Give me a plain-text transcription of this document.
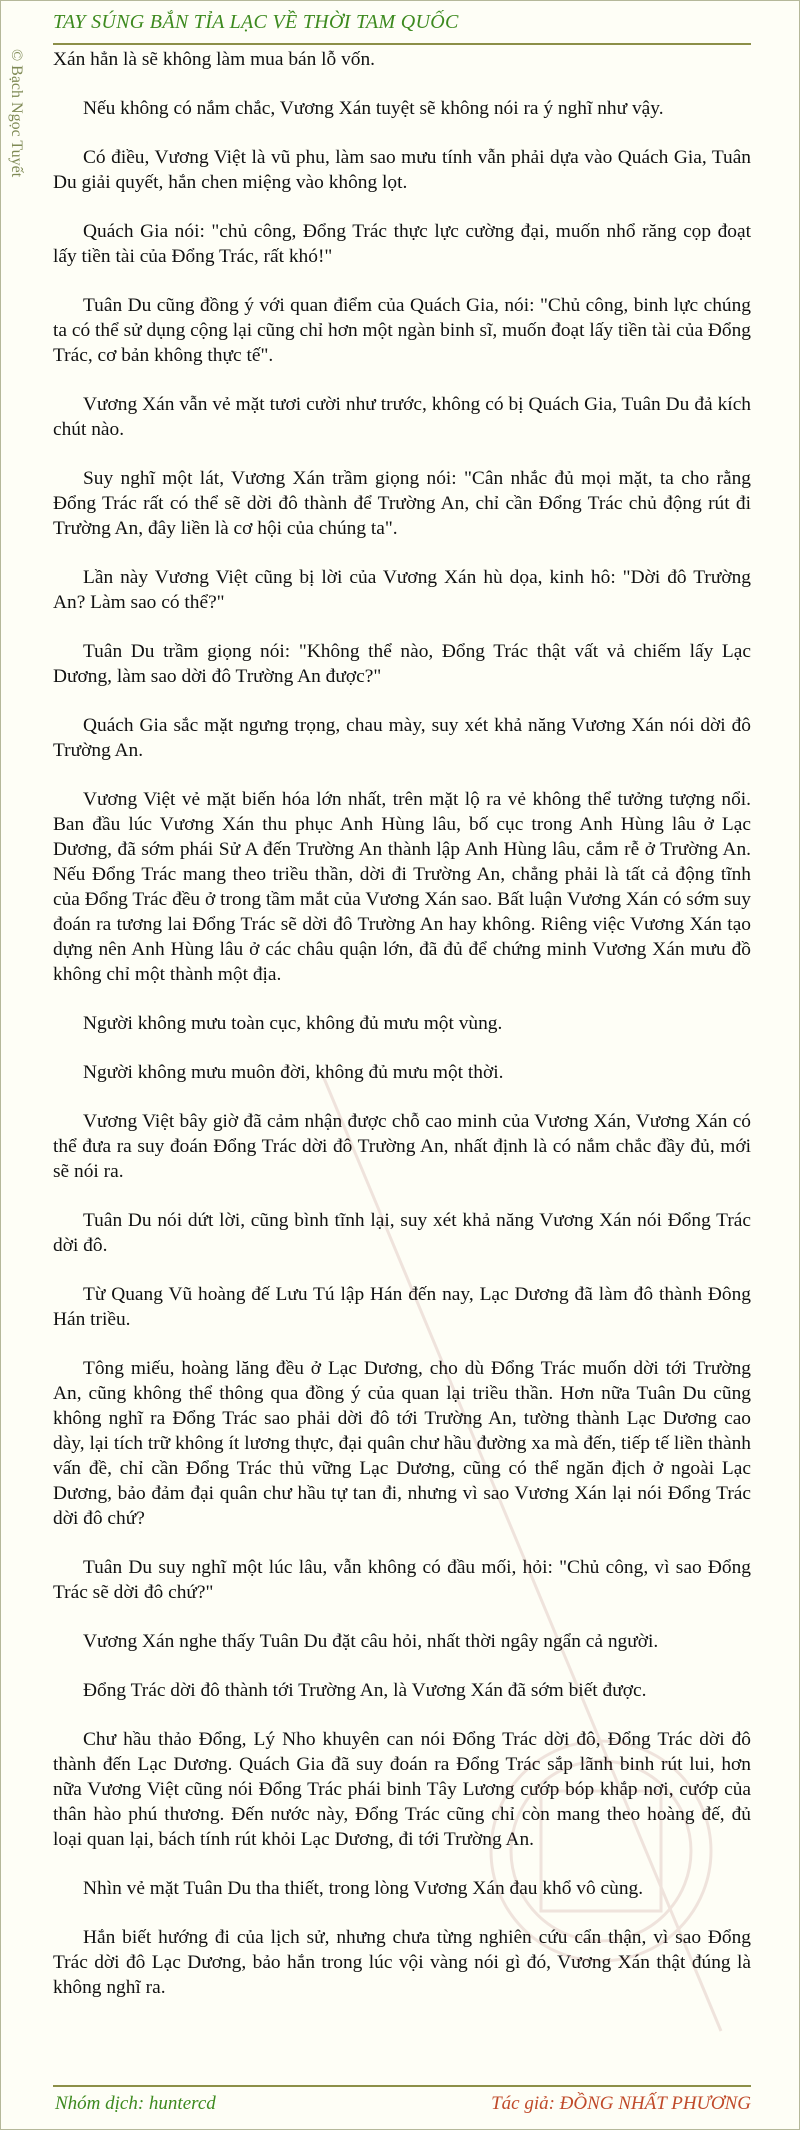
TAY SÚNG BẮN TỈA LẠC VỀ THỜI TAM QUỐC
© Bạch Ngọc Tuyết Xán hẳn là sẽ không làm mua bán lỗ vốn.

Nếu không có nắm chắc, Vương Xán tuyệt sẽ không nói ra ý nghĩ như vậy.

Có điều, Vương Việt là vũ phu, làm sao mưu tính vẫn phải dựa vào Quách Gia, Tuân Du giải quyết, hắn chen miệng vào không lọt.

Quách Gia nói: "chủ công, Đổng Trác thực lực cường đại, muốn nhổ răng cọp đoạt lấy tiền tài của Đổng Trác, rất khó!"

Tuân Du cũng đồng ý với quan điểm của Quách Gia, nói: "Chủ công, binh lực chúng ta có thể sử dụng cộng lại cũng chỉ hơn một ngàn binh sĩ, muốn đoạt lấy tiền tài của Đổng Trác, cơ bản không thực tế".

Vương Xán vẫn vẻ mặt tươi cười như trước, không có bị Quách Gia, Tuân Du đả kích chút nào.

Suy nghĩ một lát, Vương Xán trầm giọng nói: "Cân nhắc đủ mọi mặt, ta cho rằng Đổng Trác rất có thể sẽ dời đô thành để Trường An, chỉ cần Đổng Trác chủ động rút đi Trường An, đây liền là cơ hội của chúng ta".

Lần này Vương Việt cũng bị lời của Vương Xán hù dọa, kinh hô: "Dời đô Trường An? Làm sao có thể?"

Tuân Du trầm giọng nói: "Không thể nào, Đổng Trác thật vất vả chiếm lấy Lạc Dương, làm sao dời đô Trường An được?"

Quách Gia sắc mặt ngưng trọng, chau mày, suy xét khả năng Vương Xán nói dời đô Trường An.

Vương Việt vẻ mặt biến hóa lớn nhất, trên mặt lộ ra vẻ không thể tưởng tượng nổi. Ban đầu lúc Vương Xán thu phục Anh Hùng lâu, bố cục trong Anh Hùng lâu ở Lạc Dương, đã sớm phái Sử A đến Trường An thành lập Anh Hùng lâu, cắm rễ ở Trường An. Nếu Đổng Trác mang theo triều thần, dời đi Trường An, chẳng phải là tất cả động tĩnh của Đổng Trác đều ở trong tầm mắt của Vương Xán sao. Bất luận Vương Xán có sớm suy đoán ra tương lai Đổng Trác sẽ dời đô Trường An hay không. Riêng việc Vương Xán tạo dựng nên Anh Hùng lâu ở các châu quận lớn, đã đủ để chứng minh Vương Xán mưu đồ không chỉ một thành một địa.

Người không mưu toàn cục, không đủ mưu một vùng.

Người không mưu muôn đời, không đủ mưu một thời.

Vương Việt bây giờ đã cảm nhận được chỗ cao minh của Vương Xán, Vương Xán có thể đưa ra suy đoán Đổng Trác dời đô Trường An, nhất định là có nắm chắc đầy đủ, mới sẽ nói ra.

Tuân Du nói dứt lời, cũng bình tĩnh lại, suy xét khả năng Vương Xán nói Đổng Trác dời đô.

Từ Quang Vũ hoàng đế Lưu Tú lập Hán đến nay, Lạc Dương đã làm đô thành Đông Hán triều.

Tông miếu, hoàng lăng đều ở Lạc Dương, cho dù Đổng Trác muốn dời tới Trường An, cũng không thể thông qua đồng ý của quan lại triều thần. Hơn nữa Tuân Du cũng không nghĩ ra Đổng Trác sao phải dời đô tới Trường An, tường thành Lạc Dương cao dày, lại tích trữ không ít lương thực, đại quân chư hầu đường xa mà đến, tiếp tế liền thành vấn đề, chỉ cần Đổng Trác thủ vững Lạc Dương, cũng có thể ngăn địch ở ngoài Lạc Dương, bảo đảm đại quân chư hầu tự tan đi, nhưng vì sao Vương Xán lại nói Đổng Trác dời đô chứ?

Tuân Du suy nghĩ một lúc lâu, vẫn không có đầu mối, hỏi: "Chủ công, vì sao Đổng Trác sẽ dời đô chứ?"

Vương Xán nghe thấy Tuân Du đặt câu hỏi, nhất thời ngây ngẩn cả người.

Đổng Trác dời đô thành tới Trường An, là Vương Xán đã sớm biết được.

Chư hầu thảo Đổng, Lý Nho khuyên can nói Đổng Trác dời đô, Đổng Trác dời đô thành đến Lạc Dương. Quách Gia đã suy đoán ra Đổng Trác sắp lãnh binh rút lui, hơn nữa Vương Việt cũng nói Đổng Trác phái binh Tây Lương cướp bóp khắp nơi, cướp của thân hào phú thương. Đến nước này, Đổng Trác cũng chỉ còn mang theo hoàng đế, đủ loại quan lại, bách tính rút khỏi Lạc Dương, đi tới Trường An.

Nhìn vẻ mặt Tuân Du tha thiết, trong lòng Vương Xán đau khổ vô cùng.

Hắn biết hướng đi của lịch sử, nhưng chưa từng nghiên cứu cẩn thận, vì sao Đổng Trác dời đô Lạc Dương, bảo hắn trong lúc vội vàng nói gì đó, Vương Xán thật đúng là không nghĩ ra.

Nhóm dịch: huntercd	Tác giả: ĐỒNG NHẤT PHƯƠNG
